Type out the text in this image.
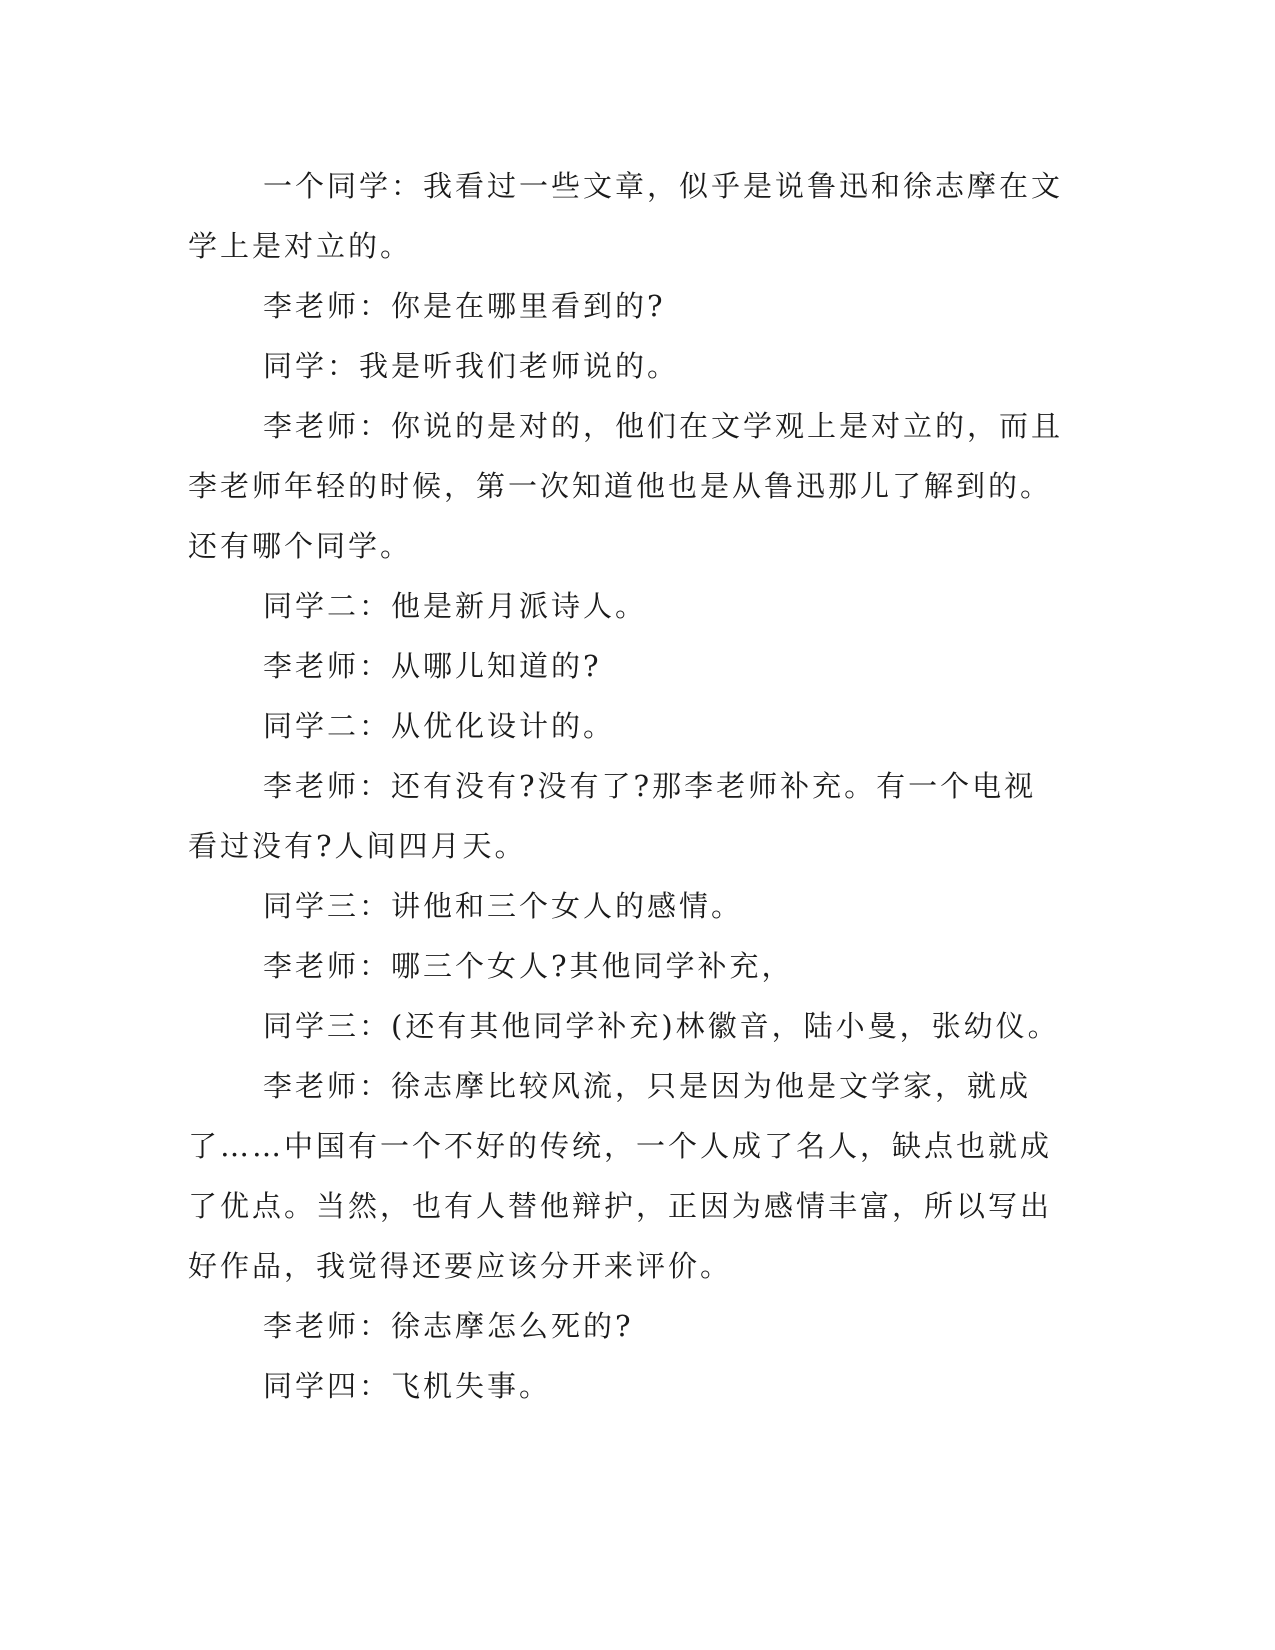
一个同学：我看过一些文章，似乎是说鲁迅和徐志摩在文学上是对立的。

李老师：你是在哪里看到的?

同学：我是听我们老师说的。

李老师：你说的是对的，他们在文学观上是对立的，而且李老师年轻的时候，第一次知道他也是从鲁迅那儿了解到的。还有哪个同学。

同学二：他是新月派诗人。

李老师：从哪儿知道的?

同学二：从优化设计的。

李老师：还有没有?没有了?那李老师补充。有一个电视看过没有?人间四月天。

同学三：讲他和三个女人的感情。

李老师：哪三个女人?其他同学补充，

同学三：(还有其他同学补充)林徽音，陆小曼，张幼仪。

李老师：徐志摩比较风流，只是因为他是文学家，就成了……中国有一个不好的传统，一个人成了名人，缺点也就成了优点。当然，也有人替他辩护，正因为感情丰富，所以写出好作品，我觉得还要应该分开来评价。

李老师：徐志摩怎么死的?

同学四：飞机失事。
